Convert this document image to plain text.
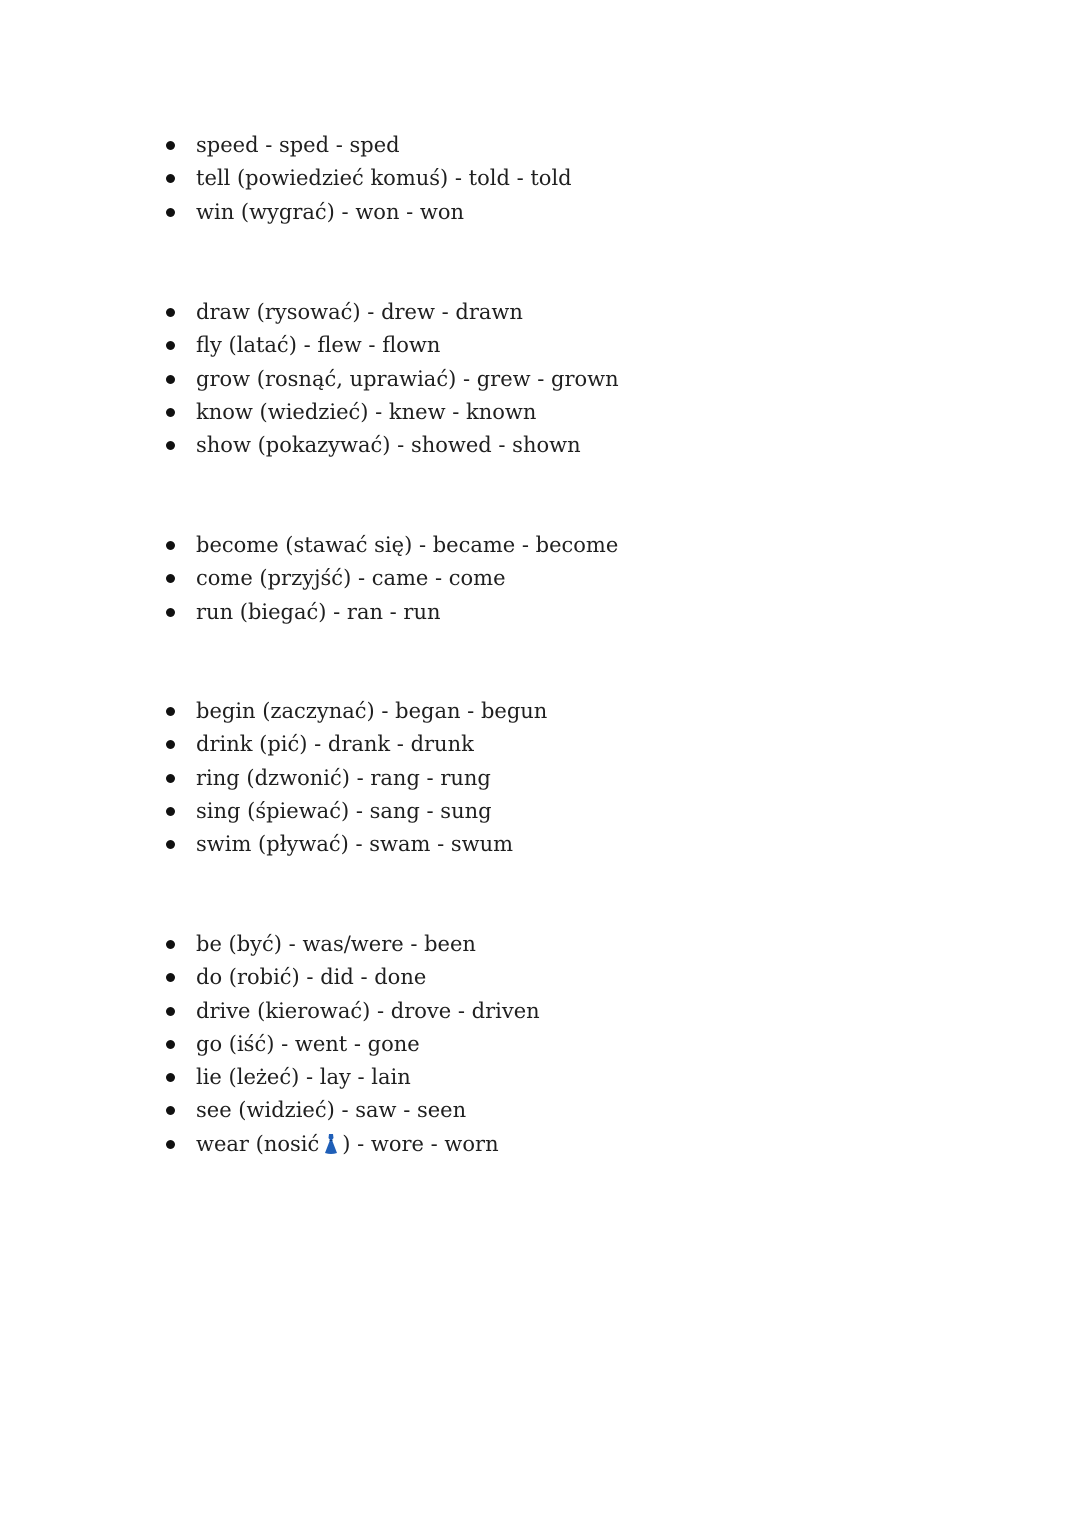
speed - sped - sped
tell (powiedzieć komuś) - told - told
win (wygrać) - won - won
draw (rysować) - drew - drawn
fly (latać) - flew - flown
grow (rosnąć, uprawiać) - grew - grown
know (wiedzieć) - knew - known
show (pokazywać) - showed - shown
become (stawać się) - became - become
come (przyjść) - came - come
run (biegać) - ran - run
begin (zaczynać) - began - begun
drink (pić) - drank - drunk
ring (dzwonić) - rang - rung
sing (śpiewać) - sang - sung
swim (pływać) - swam - swum
be (być) - was/were - been
do (robić) - did - done
drive (kierować) - drove - driven
go (iść) - went - gone
lie (leżeć) - lay - lain
see (widzieć) - saw - seen
wear (nosić ) - wore - worn
